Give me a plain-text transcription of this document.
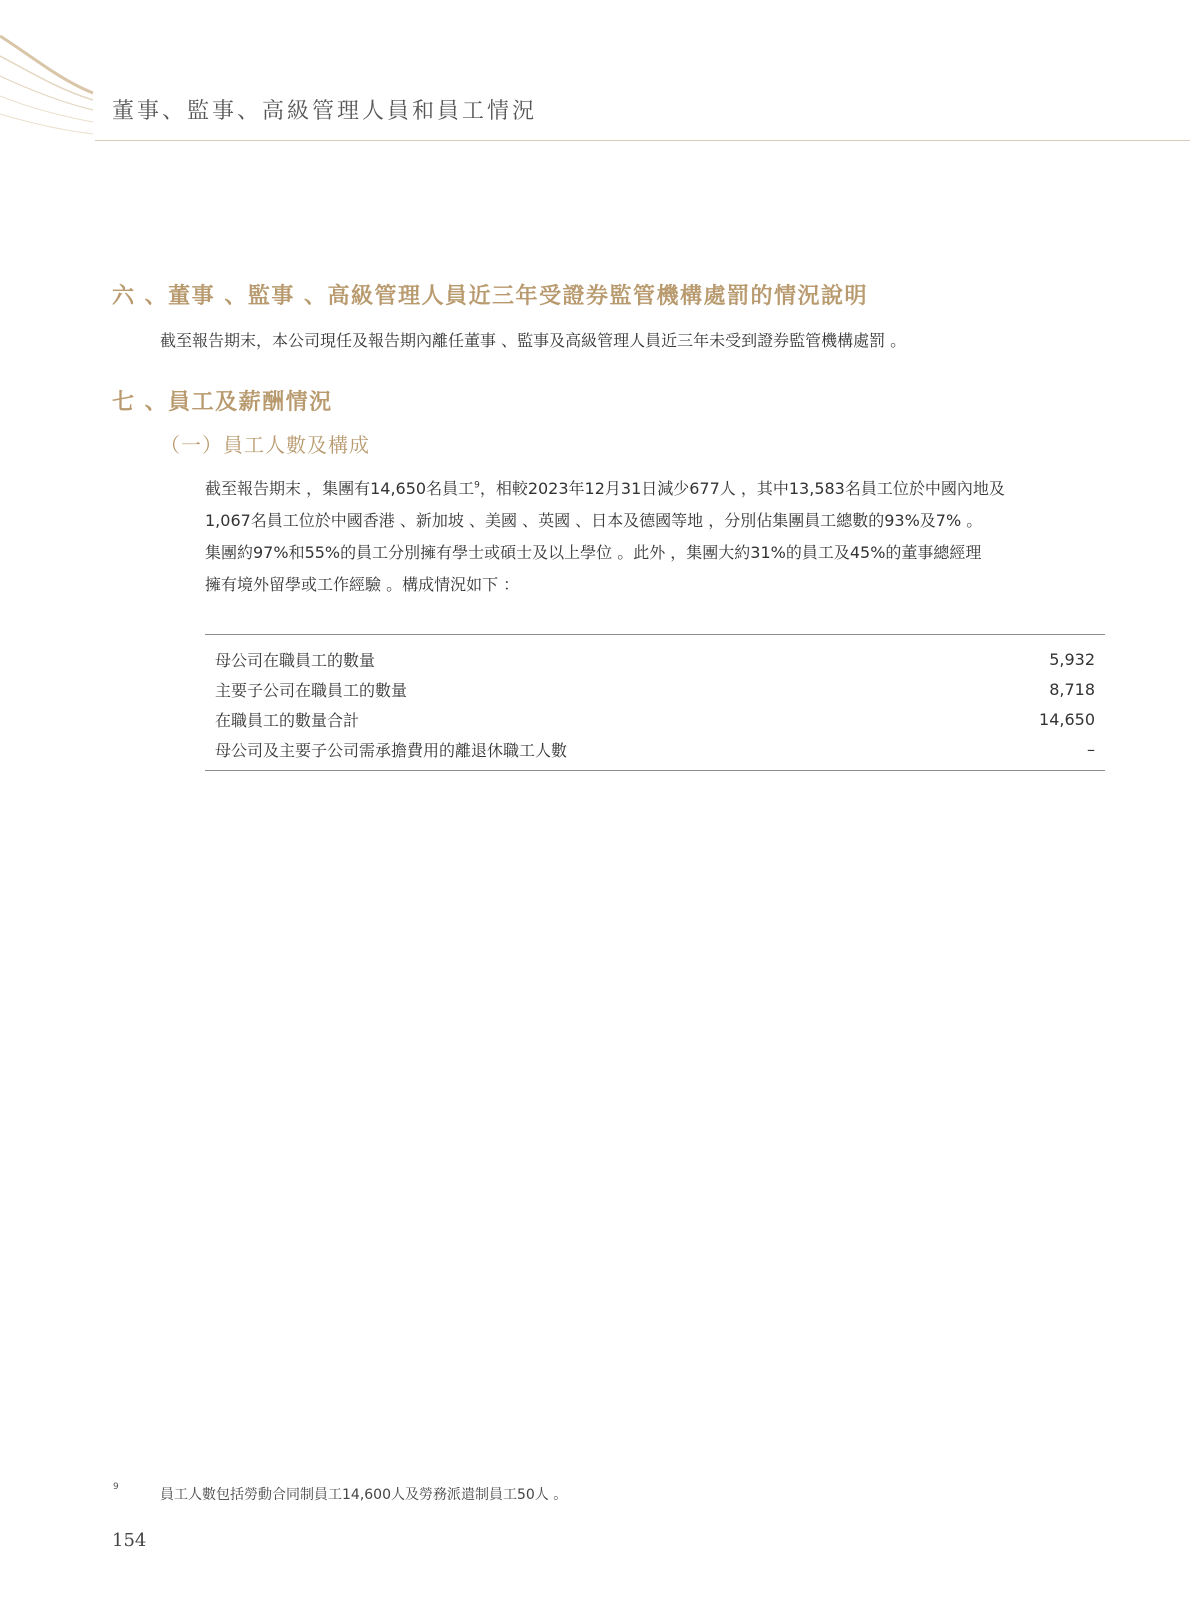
董事、監事、高級管理人員和員工情況
六 、董事 、監事 、高級管理人員近三年受證券監管機構處罰的情況說明
截至報告期末，本公司現任及報告期內離任董事 、監事及高級管理人員近三年未受到證券監管機構處罰 。
七 、員工及薪酬情況
（一）員工人數及構成
截至報告期末 ，集團有14,650名員工$^9$，相較2023年12月31日減少677人 ，其中13,583名員工位於中國內地及
1,067名員工位於中國香港 、新加坡 、美國 、英國 、日本及德國等地 ，分別佔集團員工總數的93%及7% 。
集團約97%和55%的員工分別擁有學士或碩士及以上學位 。此外 ，集團大約31%的員工及45%的董事總經理
擁有境外留學或工作經驗 。構成情況如下 ：
母公司在職員工的數量	5,932
主要子公司在職員工的數量	8,718
在職員工的數量合計	14,650
母公司及主要子公司需承擔費用的離退休職工人數	–
9	員工人數包括勞動合同制員工14,600人及勞務派遣制員工50人 。
154
